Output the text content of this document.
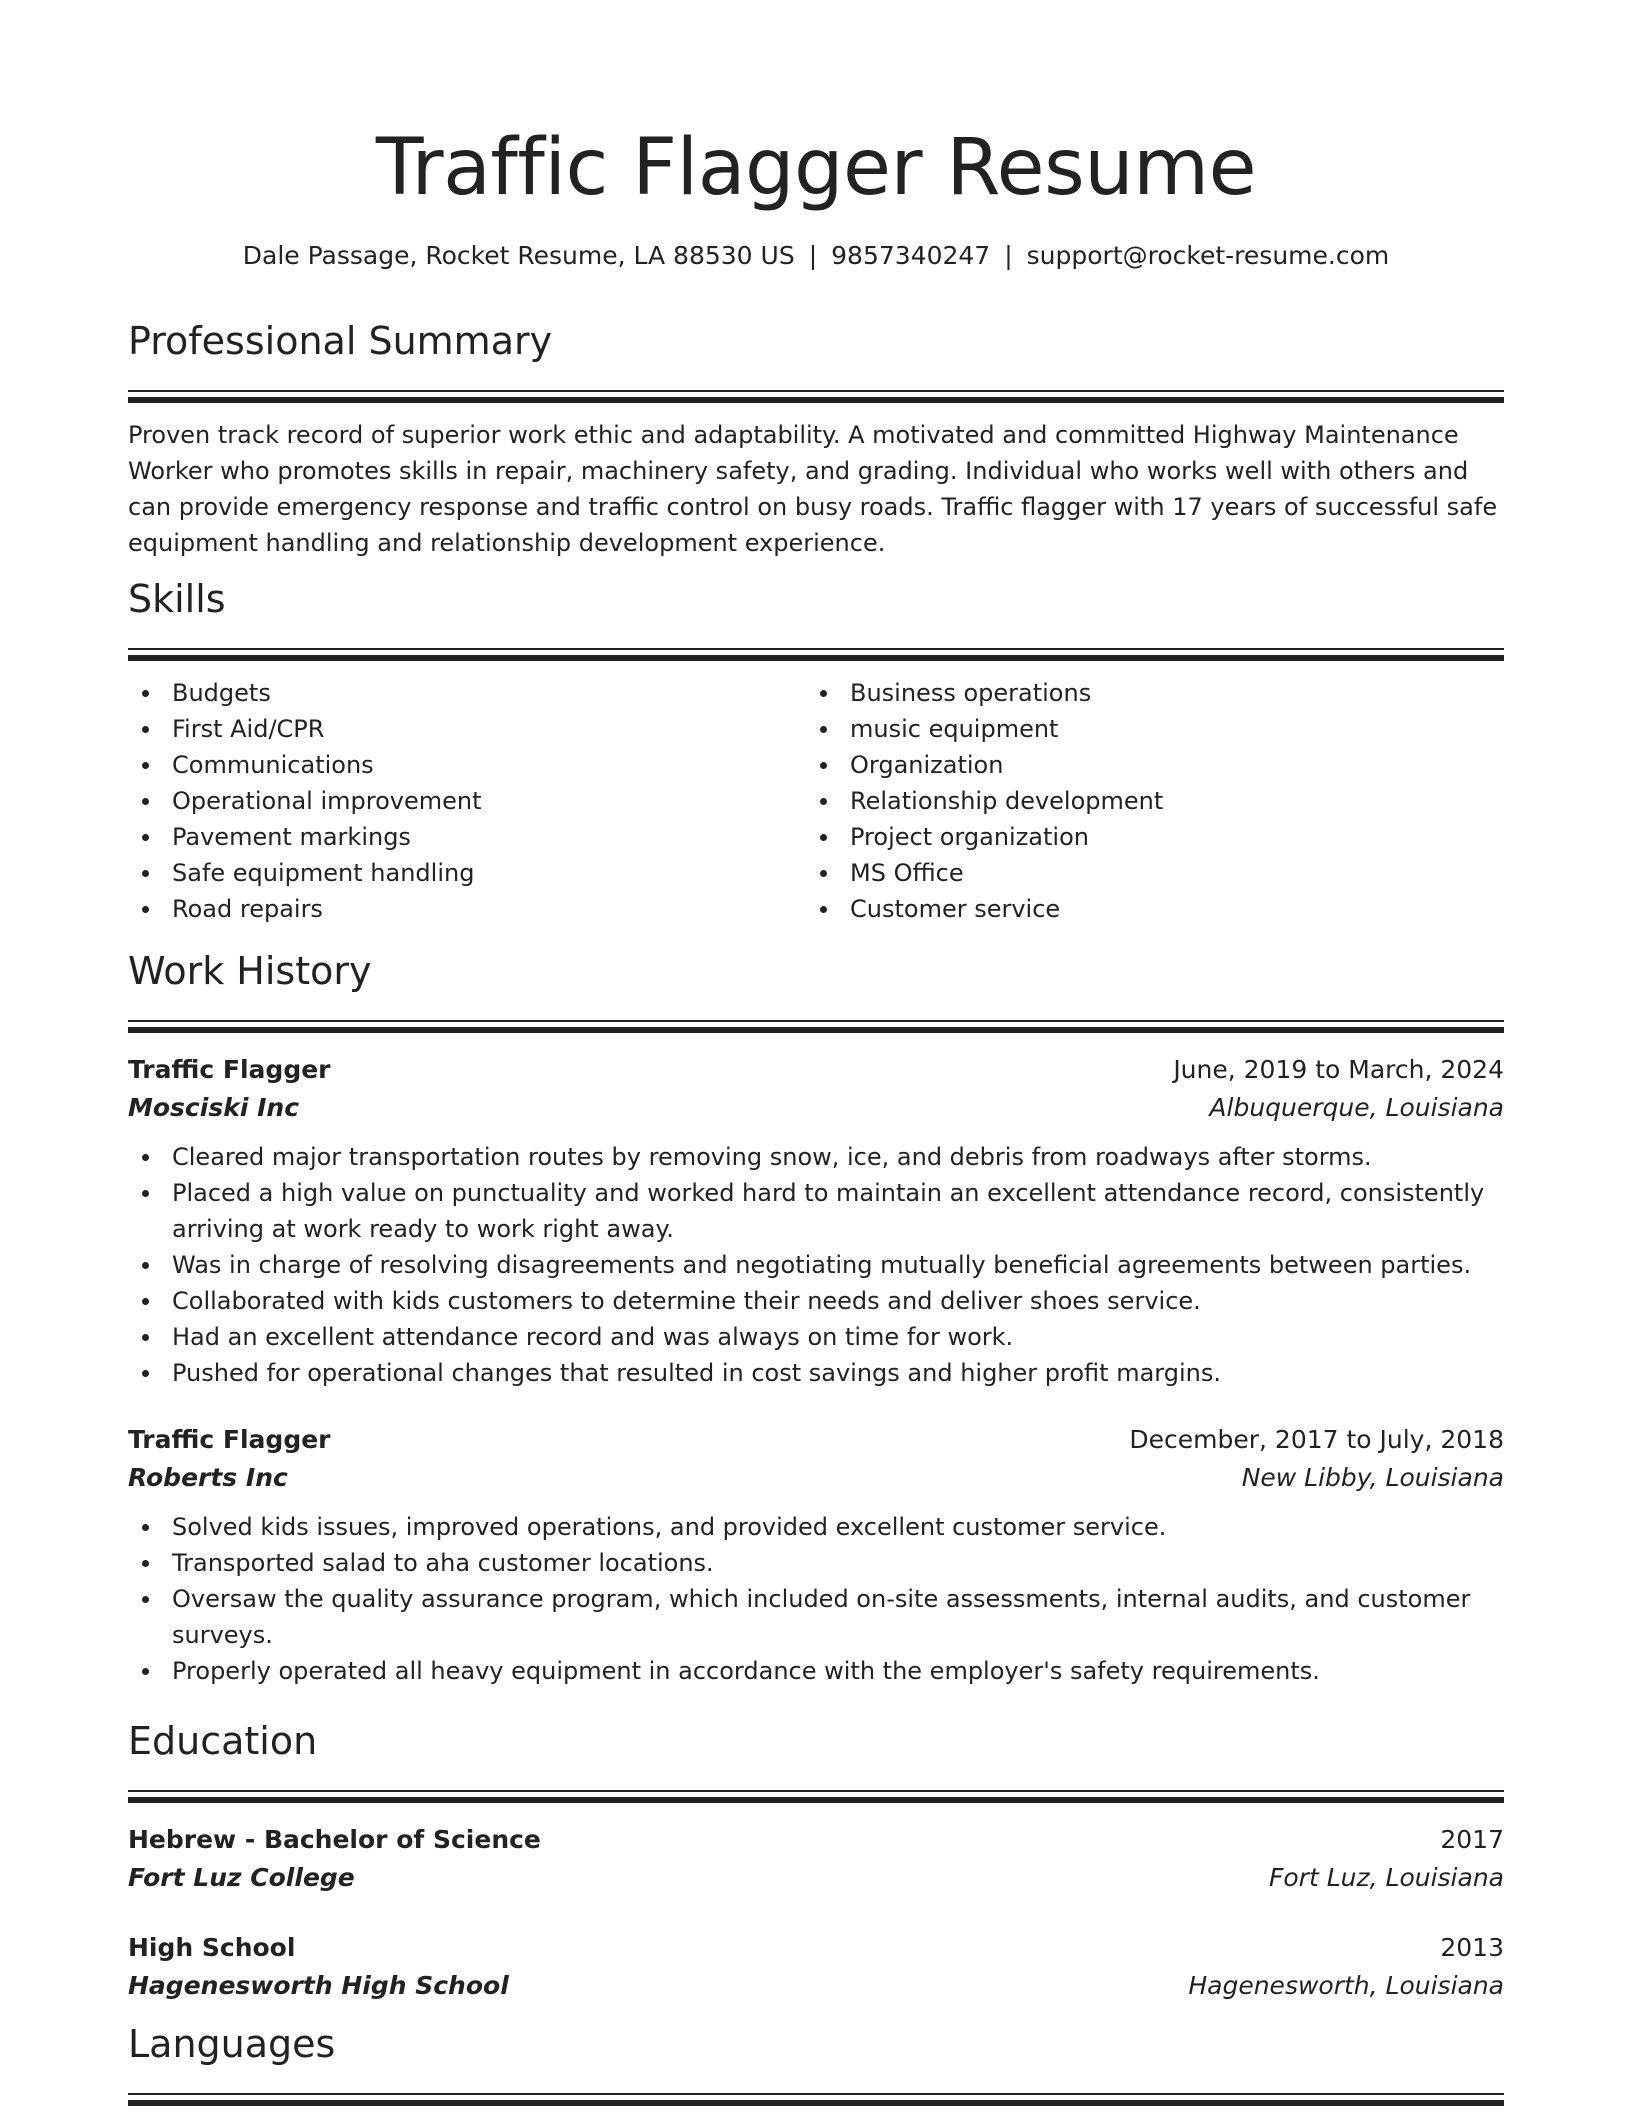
Traffic Flagger Resume
Dale Passage, Rocket Resume, LA 88530 US | 9857340247 | support@rocket-resume.com
Professional Summary
Proven track record of superior work ethic and adaptability. A motivated and committed Highway Maintenance Worker who promotes skills in repair, machinery safety, and grading. Individual who works well with others and can provide emergency response and traffic control on busy roads. Traffic flagger with 17 years of successful safe equipment handling and relationship development experience.
Skills
Budgets
First Aid/CPR
Communications
Operational improvement
Pavement markings
Safe equipment handling
Road repairs
Business operations
music equipment
Organization
Relationship development
Project organization
MS Office
Customer service
Work History
Traffic Flagger	June, 2019 to March, 2024
Mosciski Inc	Albuquerque, Louisiana
Cleared major transportation routes by removing snow, ice, and debris from roadways after storms.
Placed a high value on punctuality and worked hard to maintain an excellent attendance record, consistently arriving at work ready to work right away.
Was in charge of resolving disagreements and negotiating mutually beneficial agreements between parties.
Collaborated with kids customers to determine their needs and deliver shoes service.
Had an excellent attendance record and was always on time for work.
Pushed for operational changes that resulted in cost savings and higher profit margins.
Traffic Flagger	December, 2017 to July, 2018
Roberts Inc	New Libby, Louisiana
Solved kids issues, improved operations, and provided excellent customer service.
Transported salad to aha customer locations.
Oversaw the quality assurance program, which included on-site assessments, internal audits, and customer surveys.
Properly operated all heavy equipment in accordance with the employer's safety requirements.
Education
Hebrew - Bachelor of Science	2017
Fort Luz College	Fort Luz, Louisiana
High School	2013
Hagenesworth High School	Hagenesworth, Louisiana
Languages
